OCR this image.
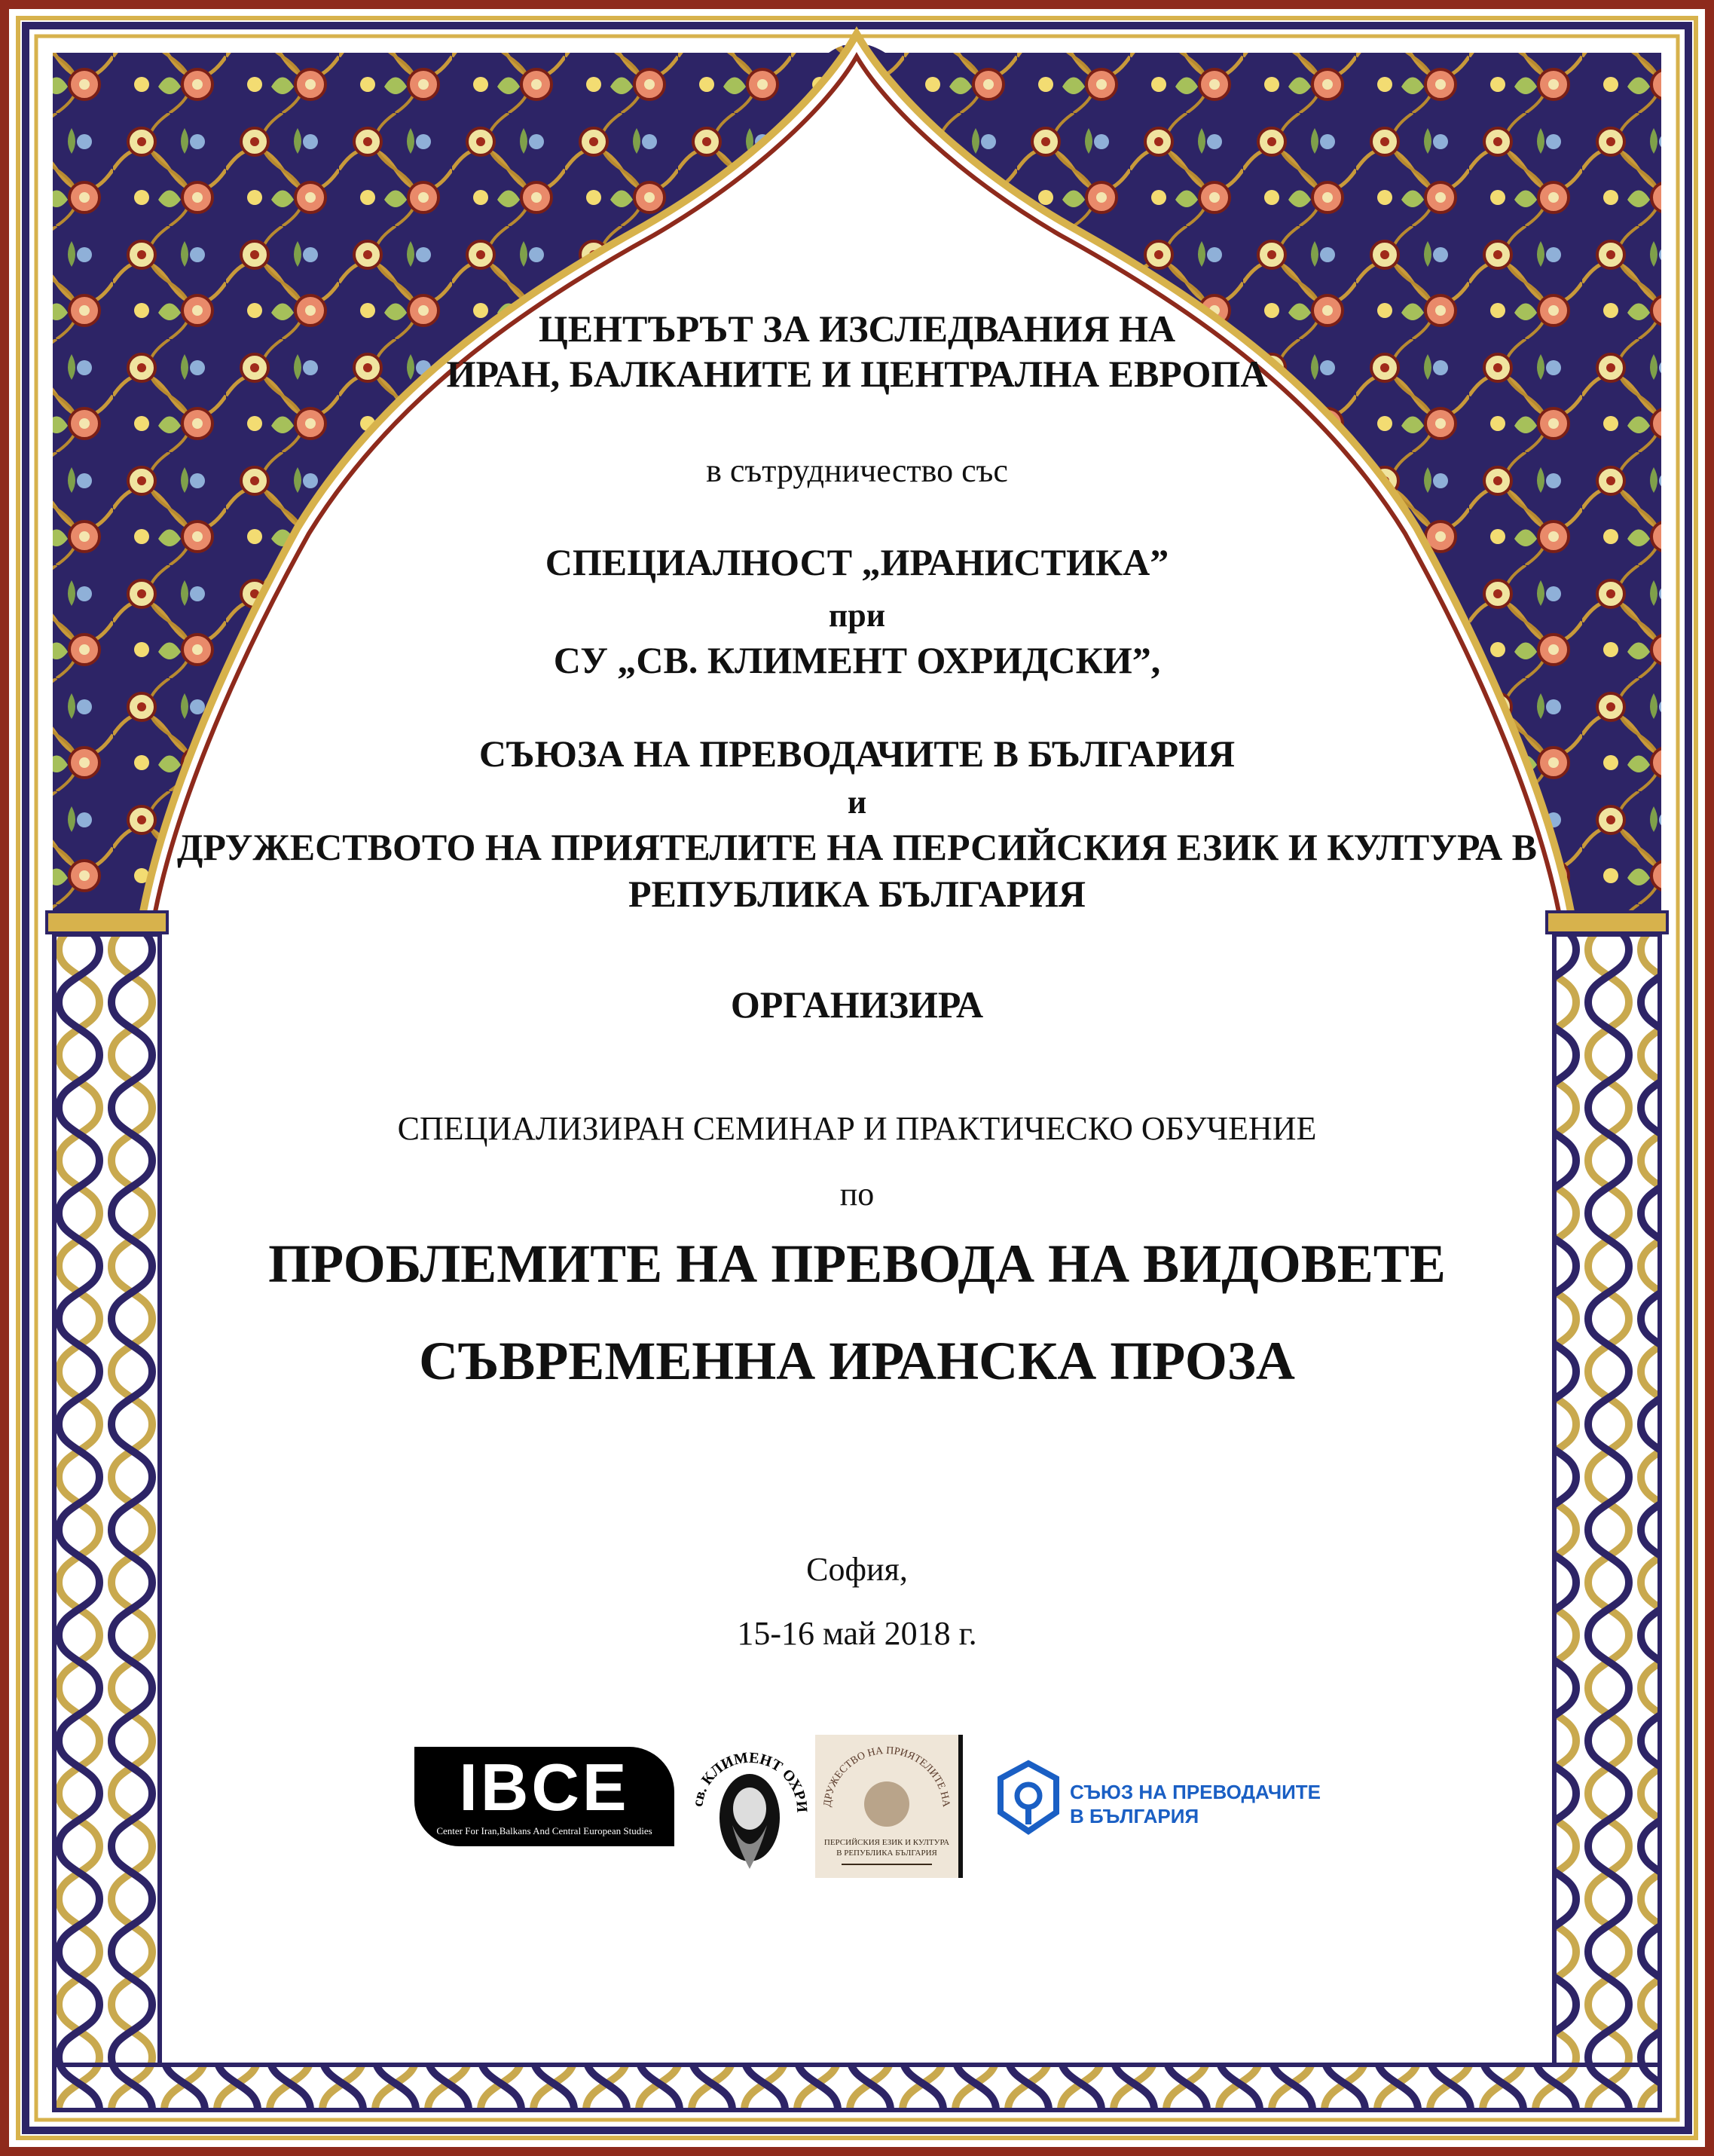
ЦЕНТЪРЪТ ЗА ИЗСЛЕДВАНИЯ НА
ИРАН, БАЛКАНИТЕ И ЦЕНТРАЛНА ЕВРОПА
в сътрудничество със
СПЕЦИАЛНОСТ „ИРАНИСТИКА”
при
СУ „СВ. КЛИМЕНТ ОХРИДСКИ”,
СЪЮЗА НА ПРЕВОДАЧИТЕ В БЪЛГАРИЯ
и
ДРУЖЕСТВОТО НА ПРИЯТЕЛИТЕ НА ПЕРСИЙСКИЯ ЕЗИК И КУЛТУРА В
РЕПУБЛИКА БЪЛГАРИЯ
ОРГАНИЗИРА
СПЕЦИАЛИЗИРАН СЕМИНАР И ПРАКТИЧЕСКО ОБУЧЕНИЕ
по
ПРОБЛЕМИТЕ НА ПРЕВОДА НА ВИДОВЕТЕ
СЪВРЕМЕННА ИРАНСКА ПРОЗА
София,
15-16 май 2018 г.
IBCE
Center For Iran,Balkans And Central European Studies
св. КЛИМЕНТ ОХРИ ДРУЖЕСТВО НА ПРИЯТЕЛИТЕ НА
ПЕРСИЙСКИЯ ЕЗИК И КУЛТУРА
В РЕПУБЛИКА БЪЛГАРИЯ
СЪЮЗ НА ПРЕВОДАЧИТЕ
В БЪЛГАРИЯ
